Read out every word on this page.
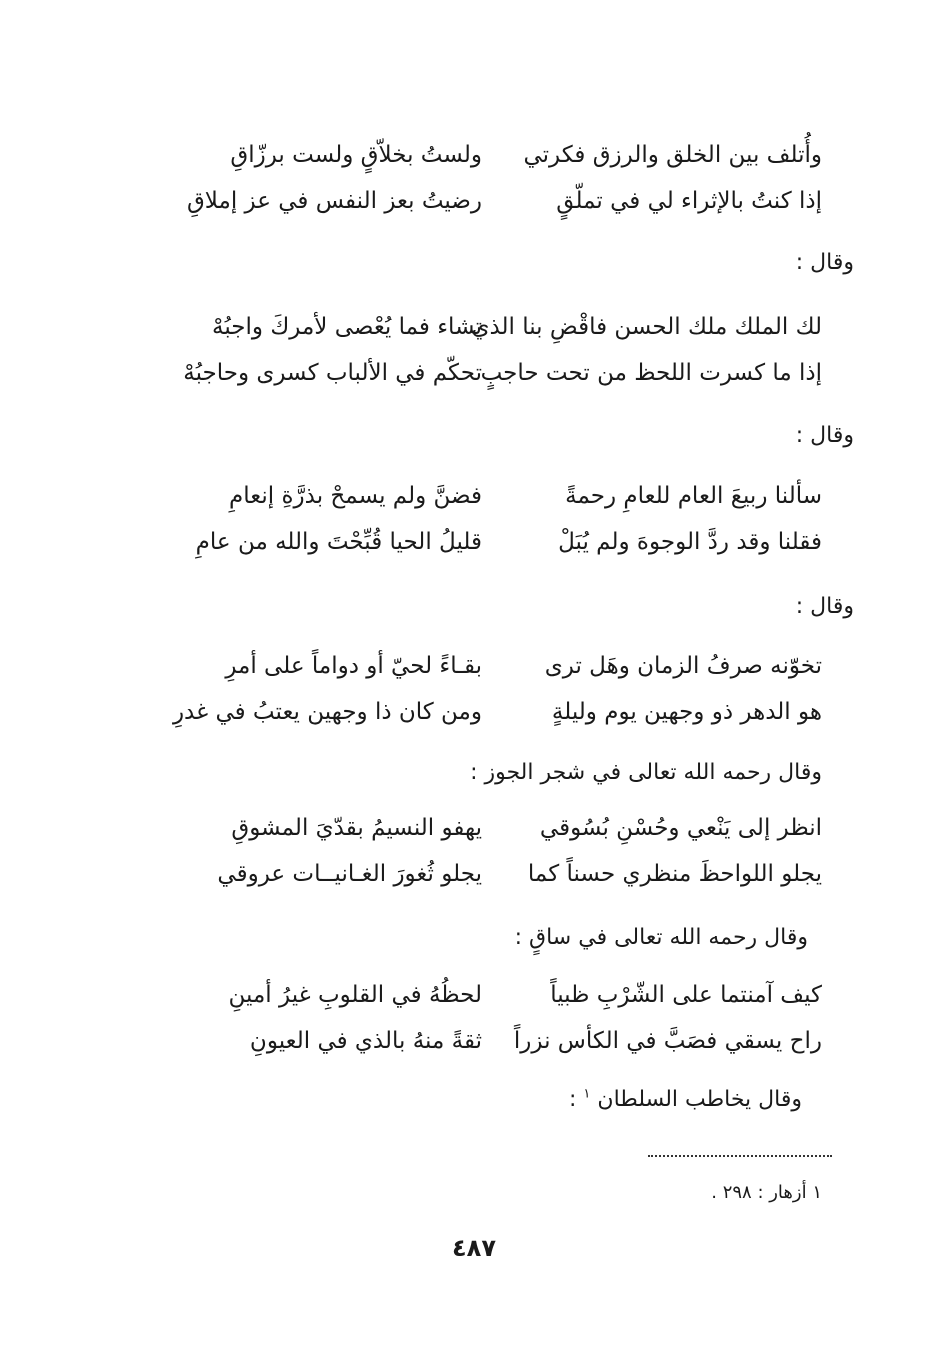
وأُتلف بين الخلق والرزق فكرتي
ولستُ بخلاّقٍ ولست برزّاقِ
إذا كنتُ بالإثراء لي في تملّقٍ
رضيتُ بعز النفس في عز إملاقِ
وقال :
لك الملك ملك الحسن فاقْضِ بنا الذي
تشاء فما يُعْصى لأمركَ واجبُهْ
إذا ما كسرت اللحظ من تحت حاجبٍ
تحكّم في الألباب كسرى وحاجبُهْ
وقال :
سألنا ربيعَ العام للعامِ رحمةً
فضنَّ ولم يسمحْ بذرَّةِ إنعامِ
فقلنا وقد ردَّ الوجوهَ ولم يُبَلْ
قليلُ الحيا قُبِّحْتَ والله من عامِ
وقال :
تخوّنه صرفُ الزمان وهَل ترى
بقـاءً لحيّ أو دواماً على أمرِ
هو الدهر ذو وجهين يوم وليلةٍ
ومن كان ذا وجهين يعتبُ في غدرِ
وقال رحمه الله تعالى في شجر الجوز :
انظر إلى يَنْعي وحُسْنِ بُسُوقي
يهفو النسيمُ بقدّيَ المشوقِ
يجلو اللواحظَ منظري حسناً كما
يجلو ثُغورَ الغـانيــات عروقي
وقال رحمه الله تعالى في ساقٍ :
كيف آمنتما على الشّرْبِ ظبياً
لحظُهُ في القلوبِ غيرُ أمينِ
راح يسقي فصَبَّ في الكأس نزراً
ثقةً منهُ بالذي في العيونِ
وقال يخاطب السلطان $^١$ :
١ أزهار : ٢٩٨ .
٤٨٧
